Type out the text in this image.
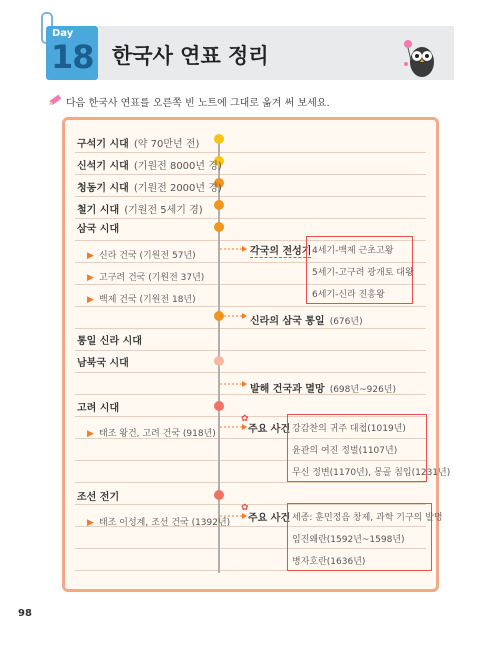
Day
18 한국사 연표 정리
다음 한국사 연표를 오른쪽 빈 노트에 그대로 옮겨 써 보세요.
구석기 시대 (약 70만년 전)
신석기 시대 (기원전 8000년 경)
청동기 시대 (기원전 2000년 경)
철기 시대 (기원전 5세기 경)
삼국 시대
▶ 신라 건국 (기원전 57년)
▶ 고구려 건국 (기원전 37년)
▶ 백제 건국 (기원전 18년)
각국의 전성기 4세기-백제 근초고왕
5세기-고구려 광개토 대왕
6세기-신라 진흥왕
신라의 삼국 통일 (676년)
통일 신라 시대
남북국 시대
발해 건국과 멸망 (698년~926년)
고려 시대
▶ 태조 왕건, 고려 건국 (918년)
✿
주요 사건 강감찬의 귀주 대첩(1019년)
윤관의 여진 정벌(1107년)
무신 정변(1170년), 몽골 침입(1231년)
조선 전기
▶ 태조 이성계, 조선 건국 (1392년)
✿
주요 사건 세종: 훈민정음 창제, 과학 기구의 발명
임진왜란(1592년~1598년)
병자호란(1636년)
98
